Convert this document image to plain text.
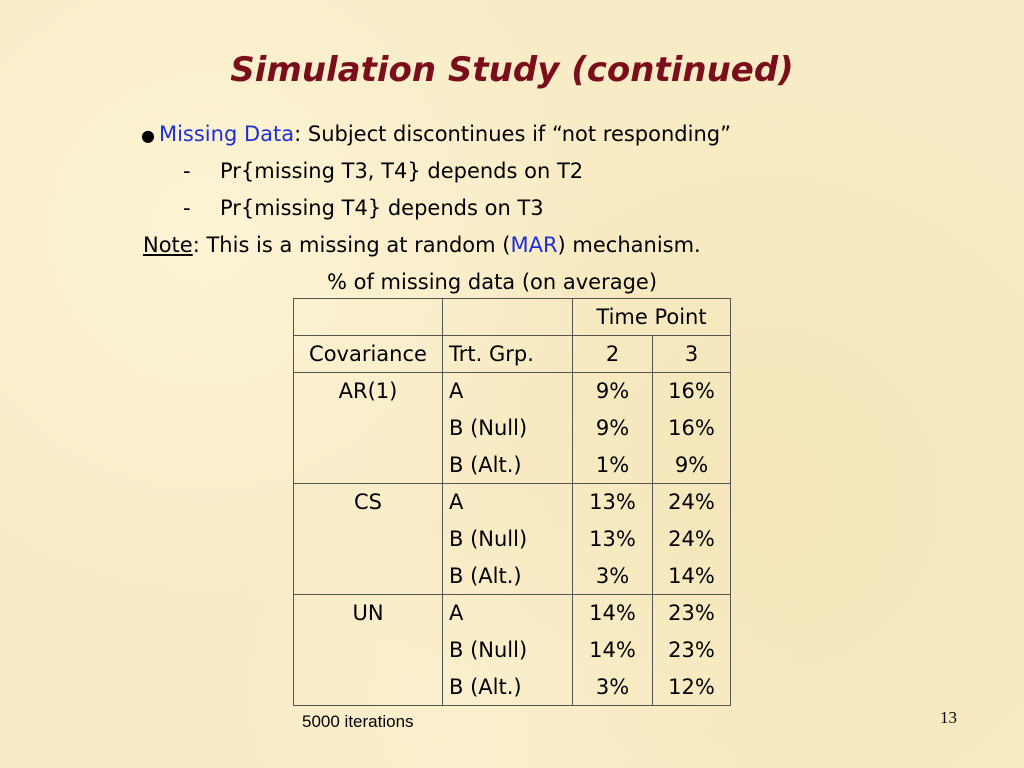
Simulation Study (continued)
● Missing Data: Subject discontinues if “not responding”
- Pr{missing T3, T4} depends on T2
- Pr{missing T4} depends on T3
Note: This is a missing at random (MAR) mechanism.
% of missing data (on average)
		Time Point	
Covariance	Trt. Grp.	2	3
AR(1)	A	9%	16%
	B (Null)	9%	16%
	B (Alt.)	1%	9%
CS	A	13%	24%
	B (Null)	13%	24%
	B (Alt.)	3%	14%
UN	A	14%	23%
	B (Null)	14%	23%
	B (Alt.)	3%	12%
5000 iterations	13
